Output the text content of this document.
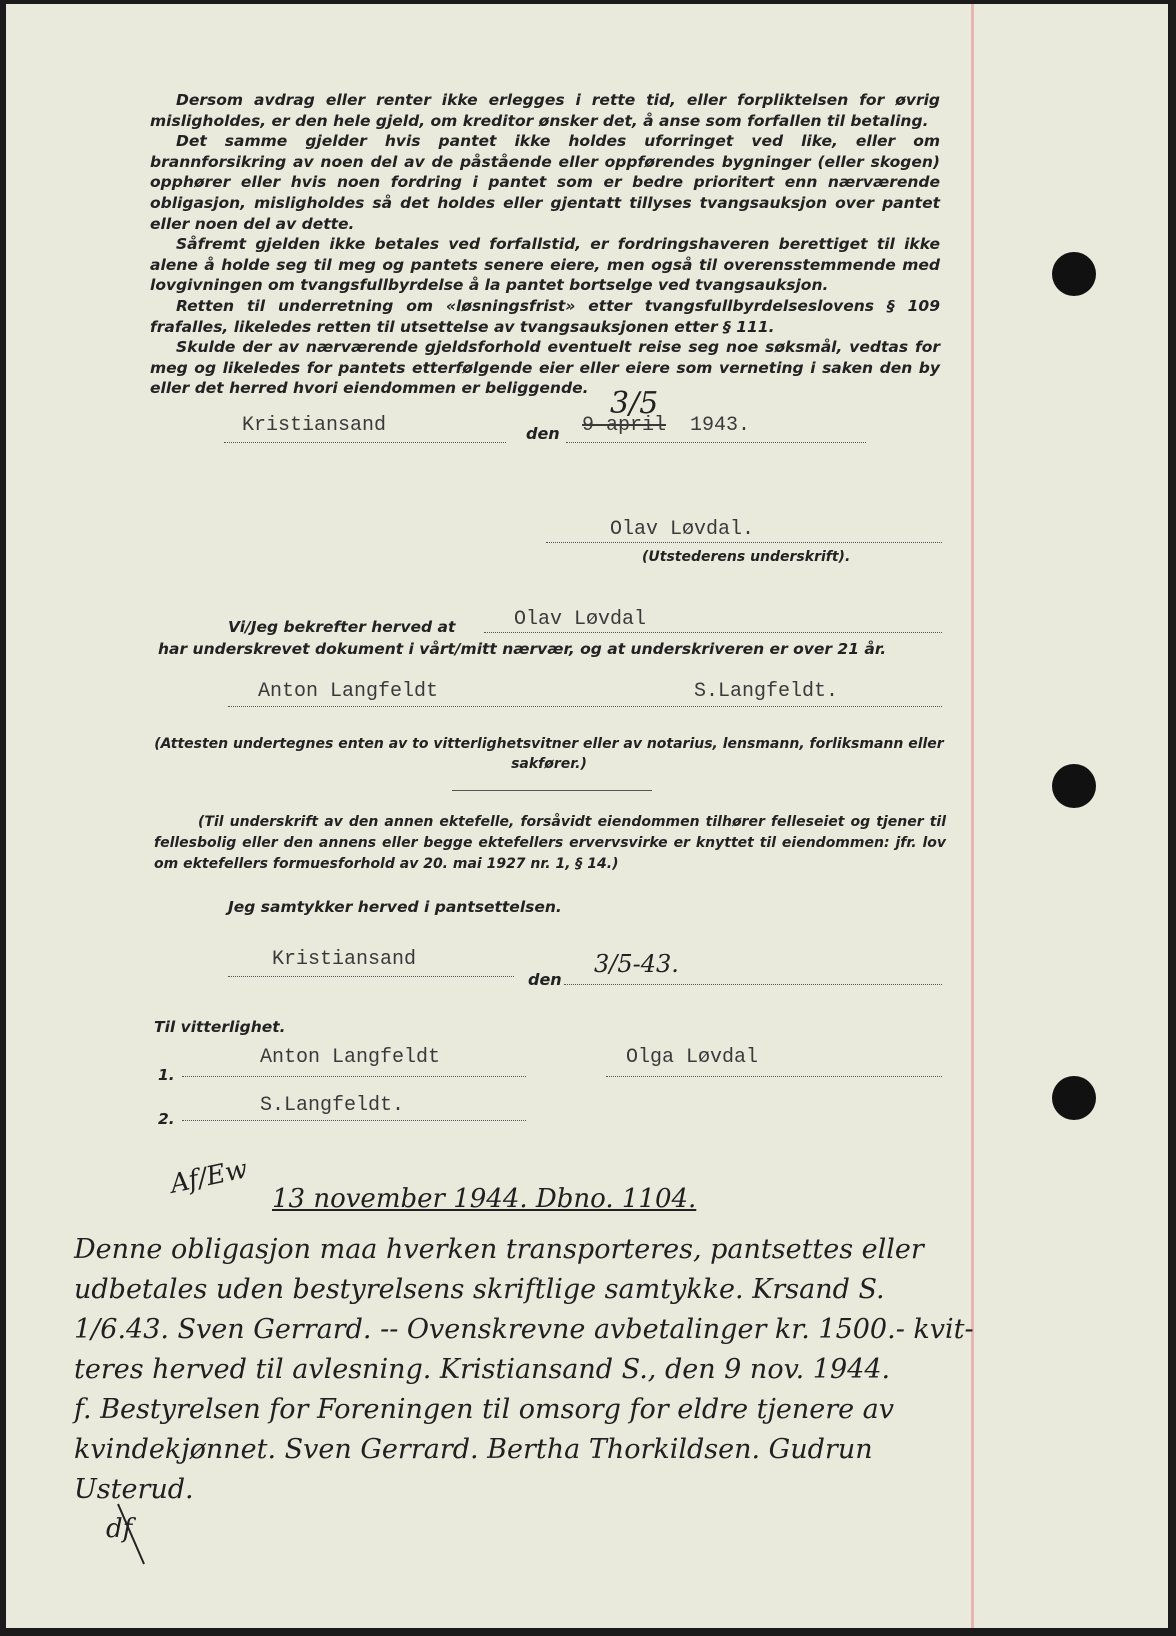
Dersom avdrag eller renter ikke erlegges i rette tid, eller forpliktelsen for øvrig misligholdes, er den hele gjeld, om kreditor ønsker det, å anse som forfallen til betaling.

Det samme gjelder hvis pantet ikke holdes uforringet ved like, eller om brannforsikring av noen del av de påstående eller oppførendes bygninger (eller skogen) opphører eller hvis noen fordring i pantet som er bedre prioritert enn nærværende obligasjon, misligholdes så det holdes eller gjentatt tillyses tvangsauksjon over pantet eller noen del av dette.

Såfremt gjelden ikke betales ved forfallstid, er fordringshaveren berettiget til ikke alene å holde seg til meg og pantets senere eiere, men også til overensstemmende med lovgivningen om tvangsfullbyrdelse å la pantet bortselge ved tvangsauksjon.

Retten til underretning om «løsningsfrist» etter tvangsfullbyrdelseslovens § 109 frafalles, likeledes retten til utsettelse av tvangsauksjonen etter § 111.

Skulde der av nærværende gjeldsforhold eventuelt reise seg noe søksmål, vedtas for meg og likeledes for pantets etterfølgende eier eller eiere som verneting i saken den by eller det herred hvori eiendommen er beliggende.

Kristiansand	den 9 april 1943.
3/5
Olav Løvdal.
(Utstederens underskrift).
Vi/Jeg bekrefter herved at	Olav Løvdal
har underskrevet dokument i vårt/mitt nærvær, og at underskriveren er over 21 år.
Anton Langfeldt	S.Langfeldt.
(Attesten undertegnes enten av to vitterlighetsvitner eller av notarius, lensmann, forliksmann eller sakfører.)
(Til underskrift av den annen ektefelle, forsåvidt eiendommen tilhører felleseiet og tjener til fellesbolig eller den annens eller begge ektefellers ervervsvirke er knyttet til eiendommen: jfr. lov om ektefellers formuesforhold av 20. mai 1927 nr. 1, § 14.)
Jeg samtykker herved i pantsettelsen.
Kristiansand
den
3/5-43.
Til vitterlighet.
1.
Anton Langfeldt	Olga Løvdal
2.
S.Langfeldt.
Af/Ew 13 november 1944. Dbno. 1104.
Denne obligasjon maa hverken transporteres, pantsettes eller
udbetales uden bestyrelsens skriftlige samtykke. Krsand S.
1/6.43. Sven Gerrard. -- Ovenskrevne avbetalinger kr. 1500.- kvit-
teres herved til avlesning. Kristiansand S., den 9 nov. 1944.
f. Bestyrelsen for Foreningen til omsorg for eldre tjenere av
kvindekjønnet. Sven Gerrard. Bertha Thorkildsen. Gudrun
Usterud.
df
